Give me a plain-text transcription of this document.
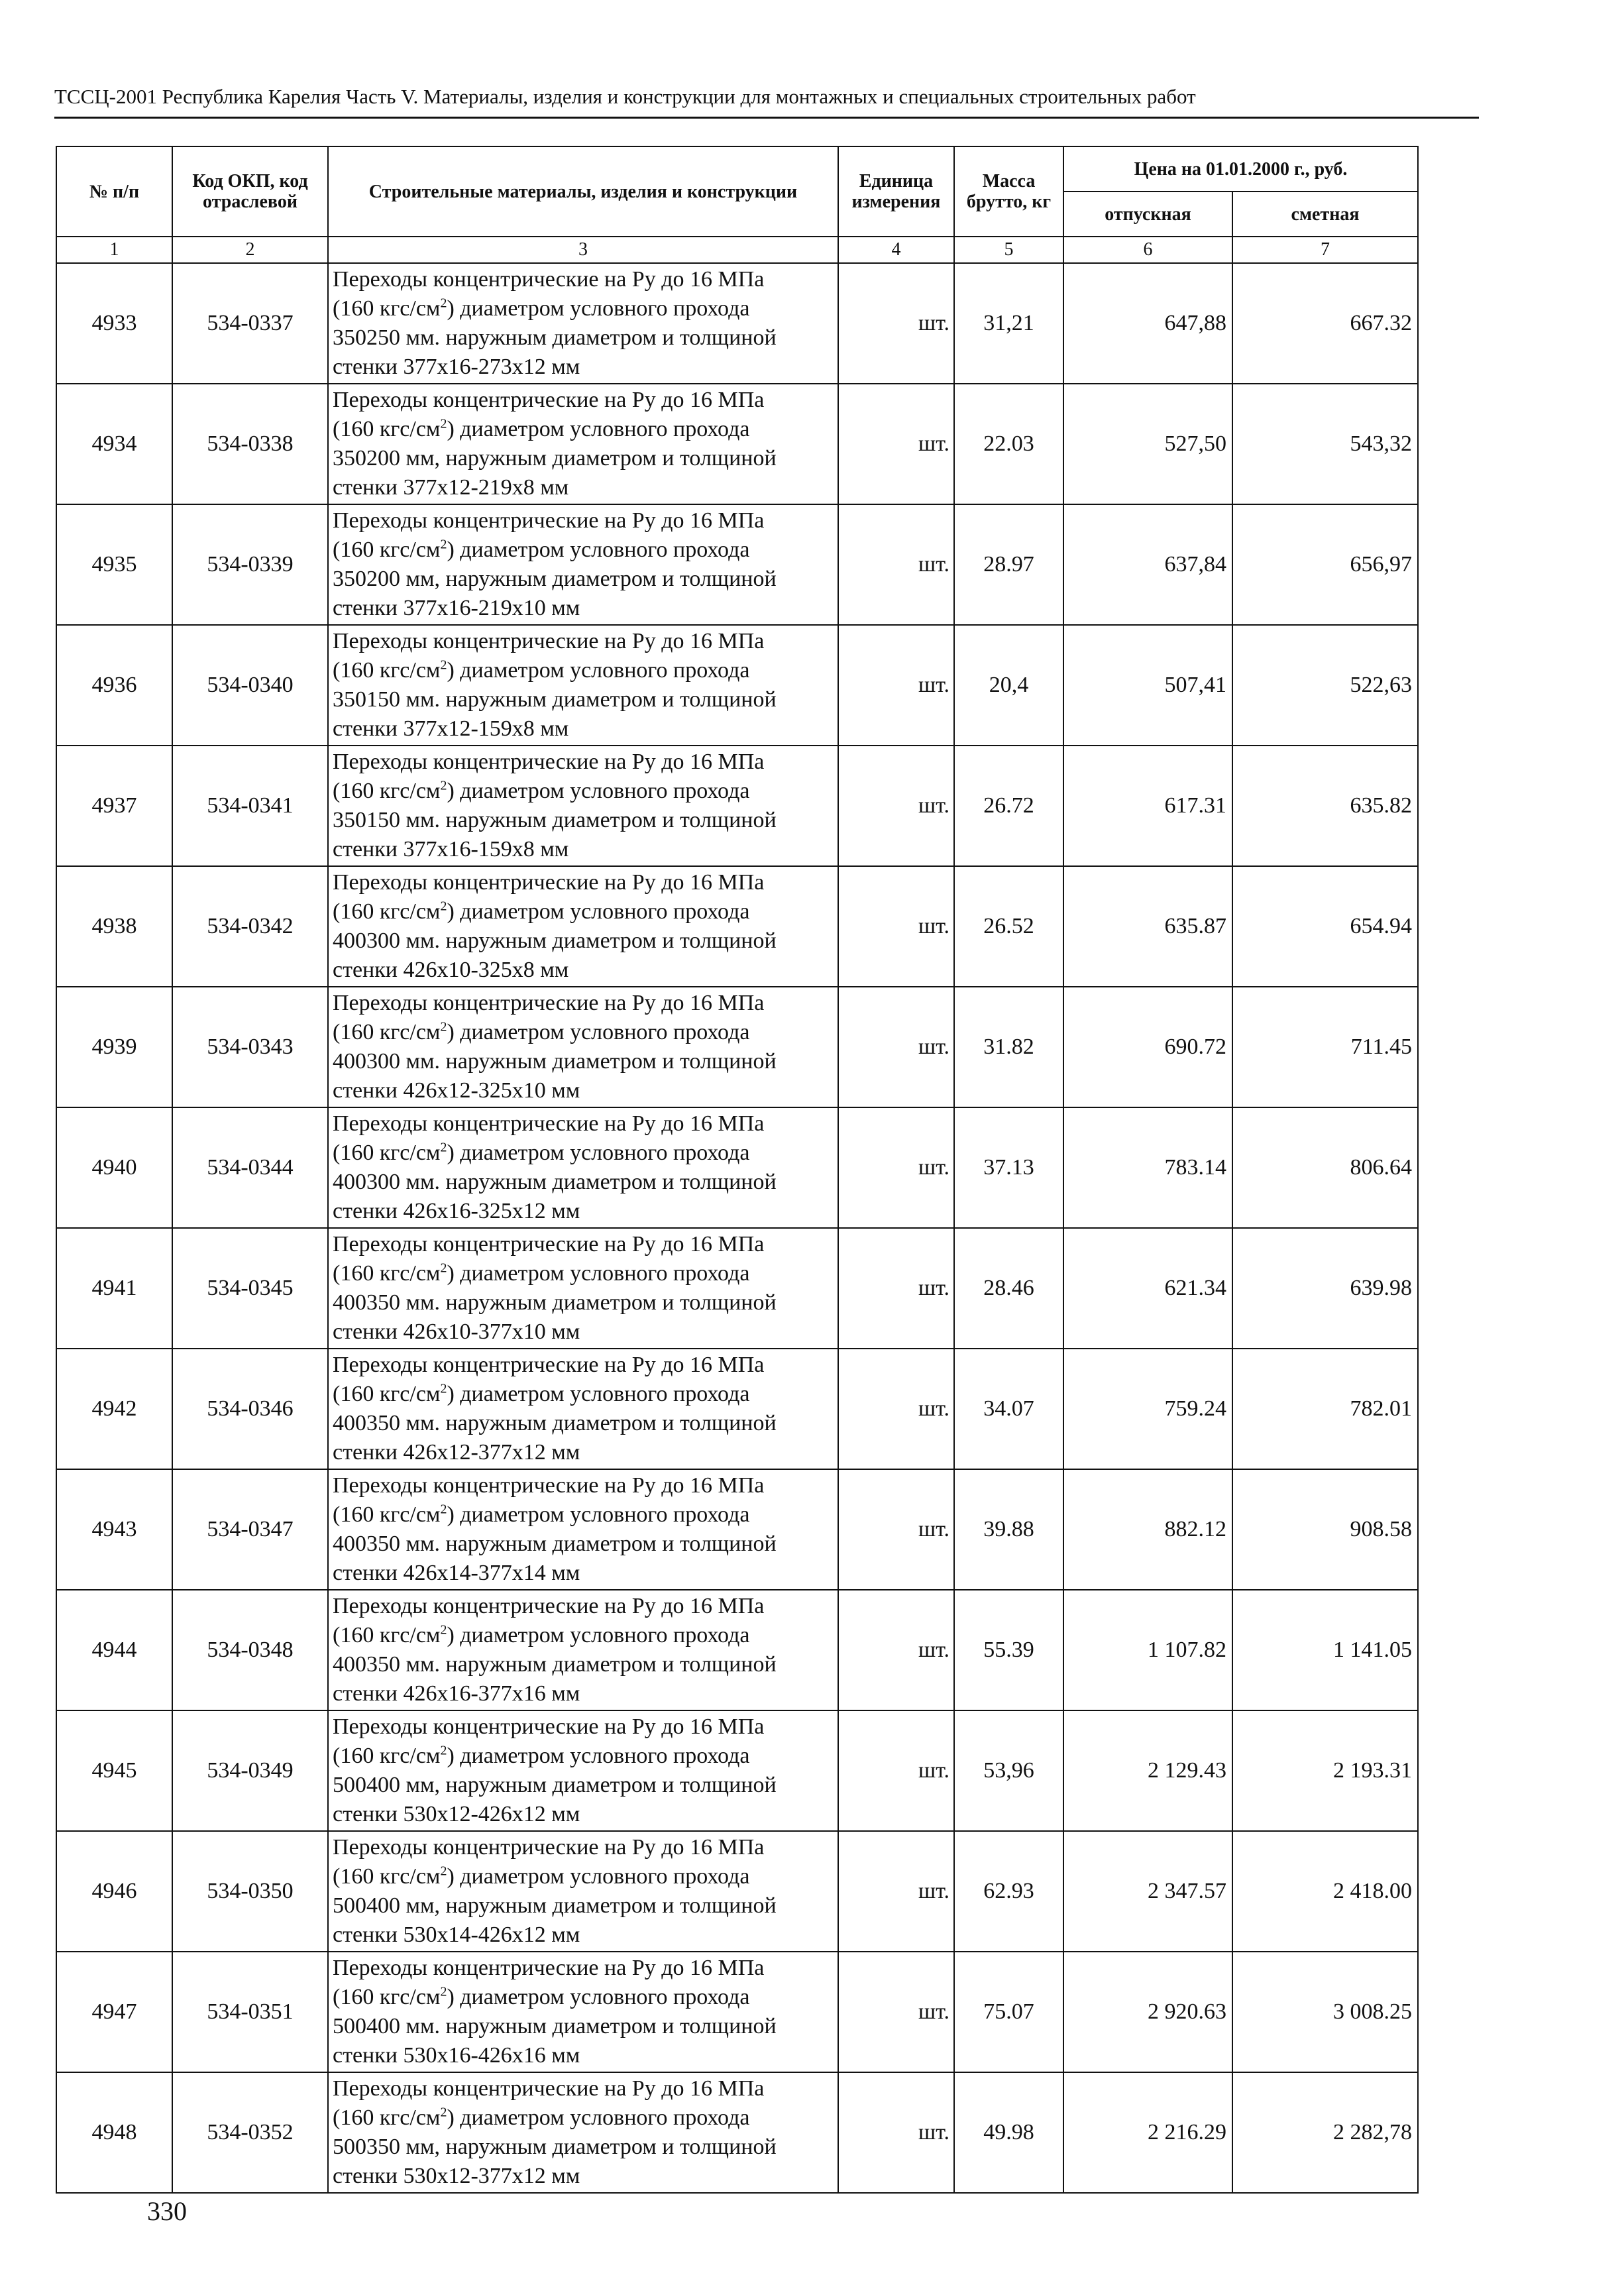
ТССЦ-2001 Республика Карелия Часть V. Материалы, изделия и конструкции для монтажных и специальных строительных работ
№ п/п	Код ОКП, код отраслевой	Строительные материалы, изделия и конструкции	Единица измерения	Масса брутто, кг	Цена на 01.01.2000 г., руб.	
					отпускная	сметная
1	2	3	4	5	6	7
4933	534-0337	Переходы концентрические на Ру до 16 МПа
(160 кгс/$см^2$) диаметром условного прохода
350250 мм. наружным диаметром и толщиной
стенки 377х16-273х12 мм	шт.	31,21	647,88	667.32
4934	534-0338	Переходы концентрические на Ру до 16 МПа
(160 кгс/$см^2$) диаметром условного прохода
350200 мм, наружным диаметром и толщиной
стенки 377х12-219х8 мм	шт.	22.03	527,50	543,32
4935	534-0339	Переходы концентрические на Ру до 16 МПа
(160 кгс/$см^2$) диаметром условного прохода
350200 мм, наружным диаметром и толщиной
стенки 377х16-219х10 мм	шт.	28.97	637,84	656,97
4936	534-0340	Переходы концентрические на Ру до 16 МПа
(160 кгс/$см^2$) диаметром условного прохода
350150 мм. наружным диаметром и толщиной
стенки 377х12-159х8 мм	шт.	20,4	507,41	522,63
4937	534-0341	Переходы концентрические на Ру до 16 МПа
(160 кгс/$см^2$) диаметром условного прохода
350150 мм. наружным диаметром и толщиной
стенки 377х16-159х8 мм	шт.	26.72	617.31	635.82
4938	534-0342	Переходы концентрические на Ру до 16 МПа
(160 кгс/$см^2$) диаметром условного прохода
400300 мм. наружным диаметром и толщиной
стенки 426х10-325х8 мм	шт.	26.52	635.87	654.94
4939	534-0343	Переходы концентрические на Ру до 16 МПа
(160 кгс/$см^2$) диаметром условного прохода
400300 мм. наружным диаметром и толщиной
стенки 426х12-325х10 мм	шт.	31.82	690.72	711.45
4940	534-0344	Переходы концентрические на Ру до 16 МПа
(160 кгс/$см^2$) диаметром условного прохода
400300 мм. наружным диаметром и толщиной
стенки 426х16-325х12 мм	шт.	37.13	783.14	806.64
4941	534-0345	Переходы концентрические на Ру до 16 МПа
(160 кгс/$см^2$) диаметром условного прохода
400350 мм. наружным диаметром и толщиной
стенки 426х10-377х10 мм	шт.	28.46	621.34	639.98
4942	534-0346	Переходы концентрические на Ру до 16 МПа
(160 кгс/$см^2$) диаметром условного прохода
400350 мм. наружным диаметром и толщиной
стенки 426х12-377х12 мм	шт.	34.07	759.24	782.01
4943	534-0347	Переходы концентрические на Ру до 16 МПа
(160 кгс/$см^2$) диаметром условного прохода
400350 мм. наружным диаметром и толщиной
стенки 426х14-377х14 мм	шт.	39.88	882.12	908.58
4944	534-0348	Переходы концентрические на Ру до 16 МПа
(160 кгс/$см^2$) диаметром условного прохода
400350 мм. наружным диаметром и толщиной
стенки 426х16-377х16 мм	шт.	55.39	1 107.82	1 141.05
4945	534-0349	Переходы концентрические на Ру до 16 МПа
(160 кгс/$см^2$) диаметром условного прохода
500400 мм, наружным диаметром и толщиной
стенки 530х12-426х12 мм	шт.	53,96	2 129.43	2 193.31
4946	534-0350	Переходы концентрические на Ру до 16 МПа
(160 кгс/$см^2$) диаметром условного прохода
500400 мм, наружным диаметром и толщиной
стенки 530х14-426х12 мм	шт.	62.93	2 347.57	2 418.00
4947	534-0351	Переходы концентрические на Ру до 16 МПа
(160 кгс/$см^2$) диаметром условного прохода
500400 мм. наружным диаметром и толщиной
стенки 530х16-426х16 мм	шт.	75.07	2 920.63	3 008.25
4948	534-0352	Переходы концентрические на Ру до 16 МПа
(160 кгс/$см^2$) диаметром условного прохода
500350 мм, наружным диаметром и толщиной
стенки 530х12-377х12 мм	шт.	49.98	2 216.29	2 282,78
330
